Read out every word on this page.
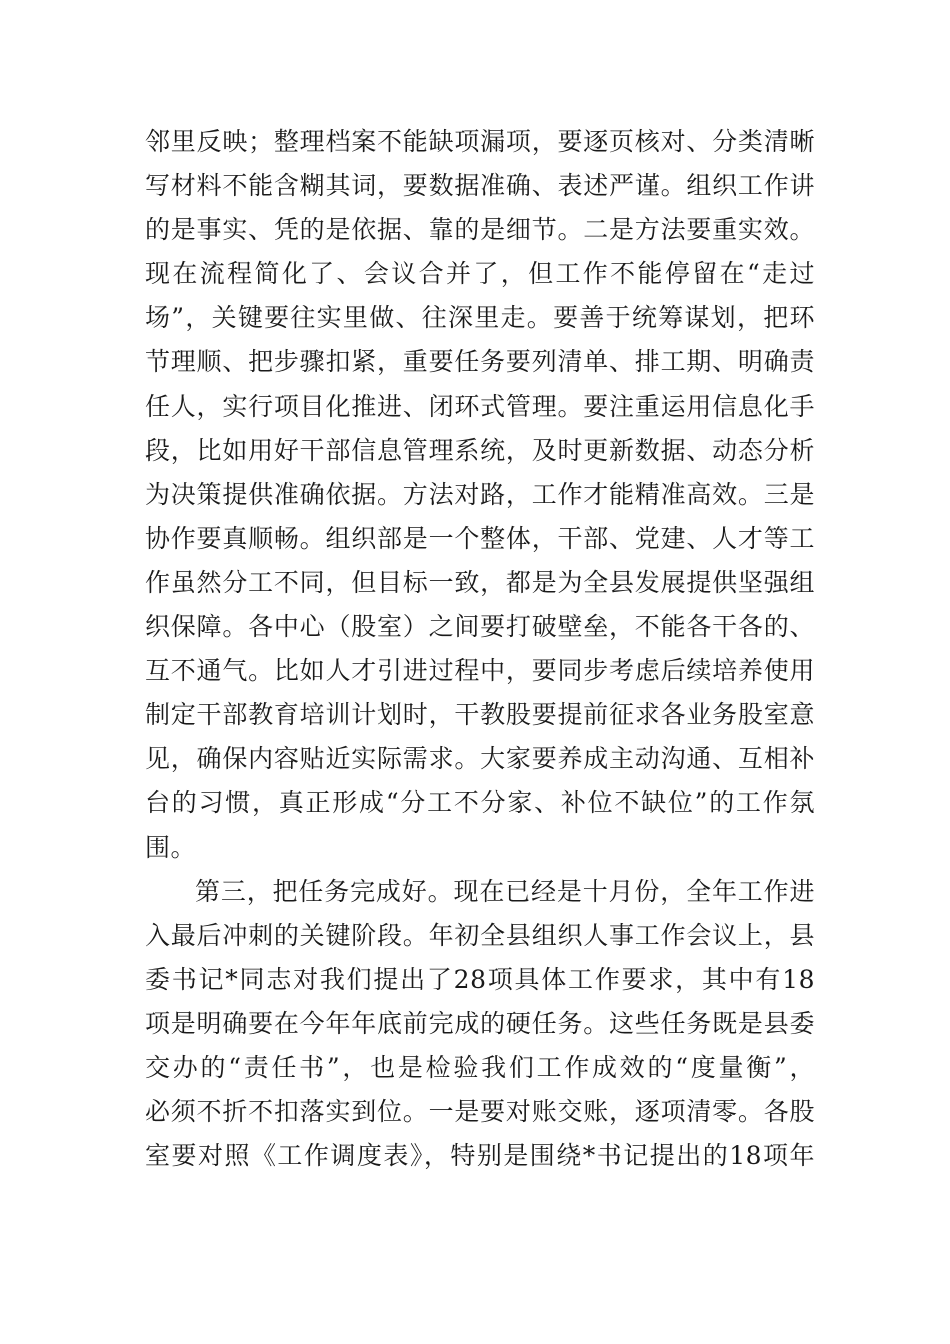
邻里反映；整理档案不能缺项漏项，要逐页核对、分类清晰
写材料不能含糊其词，要数据准确、表述严谨。组织工作讲
的是事实、凭的是依据、靠的是细节。二是方法要重实效。
现在流程简化了、会议合并了，但工作不能停留在“走过
场”，关键要往实里做、往深里走。要善于统筹谋划，把环
节理顺、把步骤扣紧，重要任务要列清单、排工期、明确责
任人，实行项目化推进、闭环式管理。要注重运用信息化手
段，比如用好干部信息管理系统，及时更新数据、动态分析
为决策提供准确依据。方法对路，工作才能精准高效。三是
协作要真顺畅。组织部是一个整体，干部、党建、人才等工
作虽然分工不同，但目标一致，都是为全县发展提供坚强组
织保障。各中心（股室）之间要打破壁垒，不能各干各的、
互不通气。比如人才引进过程中，要同步考虑后续培养使用
制定干部教育培训计划时，干教股要提前征求各业务股室意
见，确保内容贴近实际需求。大家要养成主动沟通、互相补
台的习惯，真正形成“分工不分家、补位不缺位”的工作氛
围。
第三，把任务完成好。现在已经是十月份，全年工作进
入最后冲刺的关键阶段。年初全县组织人事工作会议上，县
委书记*同志对我们提出了28项具体工作要求，其中有18
项是明确要在今年年底前完成的硬任务。这些任务既是县委
交办的“责任书”，也是检验我们工作成效的“度量衡”，
必须不折不扣落实到位。一是要对账交账，逐项清零。各股
室要对照《工作调度表》，特别是围绕*书记提出的18项年
